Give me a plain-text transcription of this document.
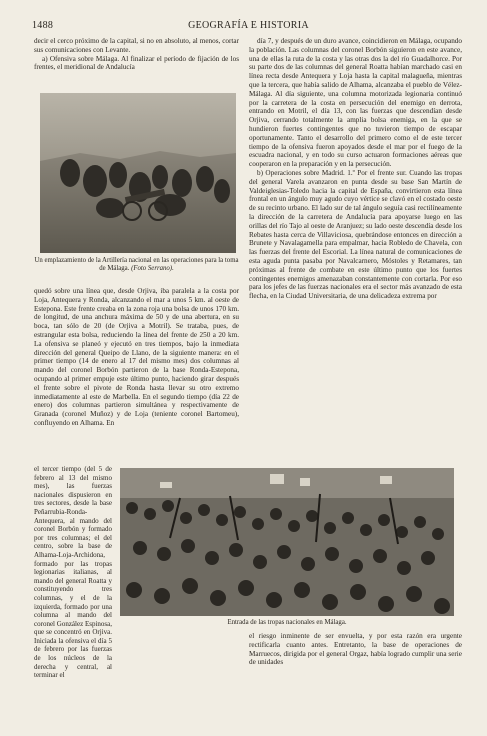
1488	GEOGRAFÍA E HISTORIA

decir el cerco próximo de la capital, si no en absoluto, al menos, cortar sus comunicaciones con Levante.

a) Ofensiva sobre Málaga. Al finalizar el período de fijación de los frentes, el meridional de Andalucía

Un emplazamiento de la Artillería nacional en las operaciones para la toma de Málaga. (Foto Serrano).

quedó sobre una línea que, desde Orjiva, iba paralela a la costa por Loja, Antequera y Ronda, alcanzando el mar a unos 5 km. al oeste de Estepona. Este frente creaba en la zona roja una bolsa de unos 170 km. de longitud, de una anchura máxima de 50 y de una abertura, en su boca, tan sólo de 20 (de Orjiva a Motril). Se trataba, pues, de estrangular esta bolsa, reduciendo la línea del frente de 250 a 20 km. La ofensiva se planeó y ejecutó en tres tiempos, bajo la inmediata dirección del general Queipo de Llano, de la siguiente manera: en el primer tiempo (14 de enero al 17 del mismo mes) dos columnas al mando del coronel Borbón partieron de la base Ronda-Estepona, ocupando al primer empuje este último punto, haciendo girar después el frente sobre el pivote de Ronda hasta llevar su otro extremo inmediatamente al este de Marbella. En el segundo tiempo (día 22 de enero) dos columnas partieron simultánea y respectivamente de Granada (coronel Muñoz) y de Loja (teniente coronel Bartomeu), confluyendo en Alhama. En

el tercer tiempo (del 5 de febrero al 13 del mismo mes), las fuerzas nacionales dispusieron en tres sectores, desde la base Peñarrubia-Ronda-Antequera, al mando del coronel Borbón y formado por tres columnas; el del centro, sobre la base de Alhama-Loja-Archidona, formado por las tropas legionarias italianas, al mando del general Roatta y constituyendo tres columnas, y el de la izquierda, formado por una columna al mando del coronel González Espinosa, que se concentró en Orjiva. Iniciada la ofensiva el día 5 de febrero por las fuerzas de los núcleos de la derecha y central, al terminar el

día 7, y después de un duro avance, coincidieron en Málaga, ocupando la población. Las columnas del coronel Borbón siguieron en este avance, una de ellas la ruta de la costa y las otras dos la del río Guadalhorce. Por su parte dos de las columnas del general Roatta habían marchado casi en línea recta desde Antequera y Loja hasta la capital malagueña, mientras que la tercera, que había salido de Alhama, alcanzaba el pueblo de Vélez-Málaga. Al día siguiente, una columna motorizada legionaria continuó por la carretera de la costa en persecución del enemigo en derrota, entrando en Motril, el día 13, con las fuerzas que descendían desde Orjiva, cerrando totalmente la amplia bolsa enemiga, en la que se hundieron fuertes contingentes que no tuvieron tiempo de escapar oportunamente. Tanto el desarrollo del primero como el de este tercer tiempo de la ofensiva fueron apoyados desde el mar por el fuego de la escuadra nacional, y en todo su curso actuaron formaciones aéreas que cooperaron en la preparación y en la persecución.

b) Operaciones sobre Madrid. 1.º Por el frente sur. Cuando las tropas del general Varela avanzaron en punta desde su base San Martín de Valdeiglesias-Toledo hacia la capital de España, convirtieron esta línea frontal en un ángulo muy agudo cuyo vértice se clavó en el costado oeste de su recinto urbano. El lado sur de tal ángulo seguía casi rectilíneamente la dirección de la carretera de Andalucía para apoyarse luego en las orillas del río Tajo al oeste de Aranjuez; su lado oeste descendía desde los Rebates hasta cerca de Villaviciosa, quebrándose entonces en dirección a Brunete y Navalagamella para empalmar, hacia Robledo de Chavela, con las fuerzas del frente del Escorial. La línea natural de comunicaciones de esta aguda punta pasaba por Navalcarnero, Móstoles y Retamares, tan próximas al frente de combate en este último punto que los fuertes contingentes enemigos amenazaban constantemente con cortarla. Por eso para los jefes de las fuerzas nacionales era el sector más avanzado de esta flecha, en la Ciudad Universitaria, de una delicadeza extrema por

Entrada de las tropas nacionales en Málaga.

el riesgo inminente de ser envuelta, y por esta razón era urgente rectificarla cuanto antes. Entretanto, la base de operaciones de Marruecos, dirigida por el general Orgaz, había logrado cumplir una serie de unidades
